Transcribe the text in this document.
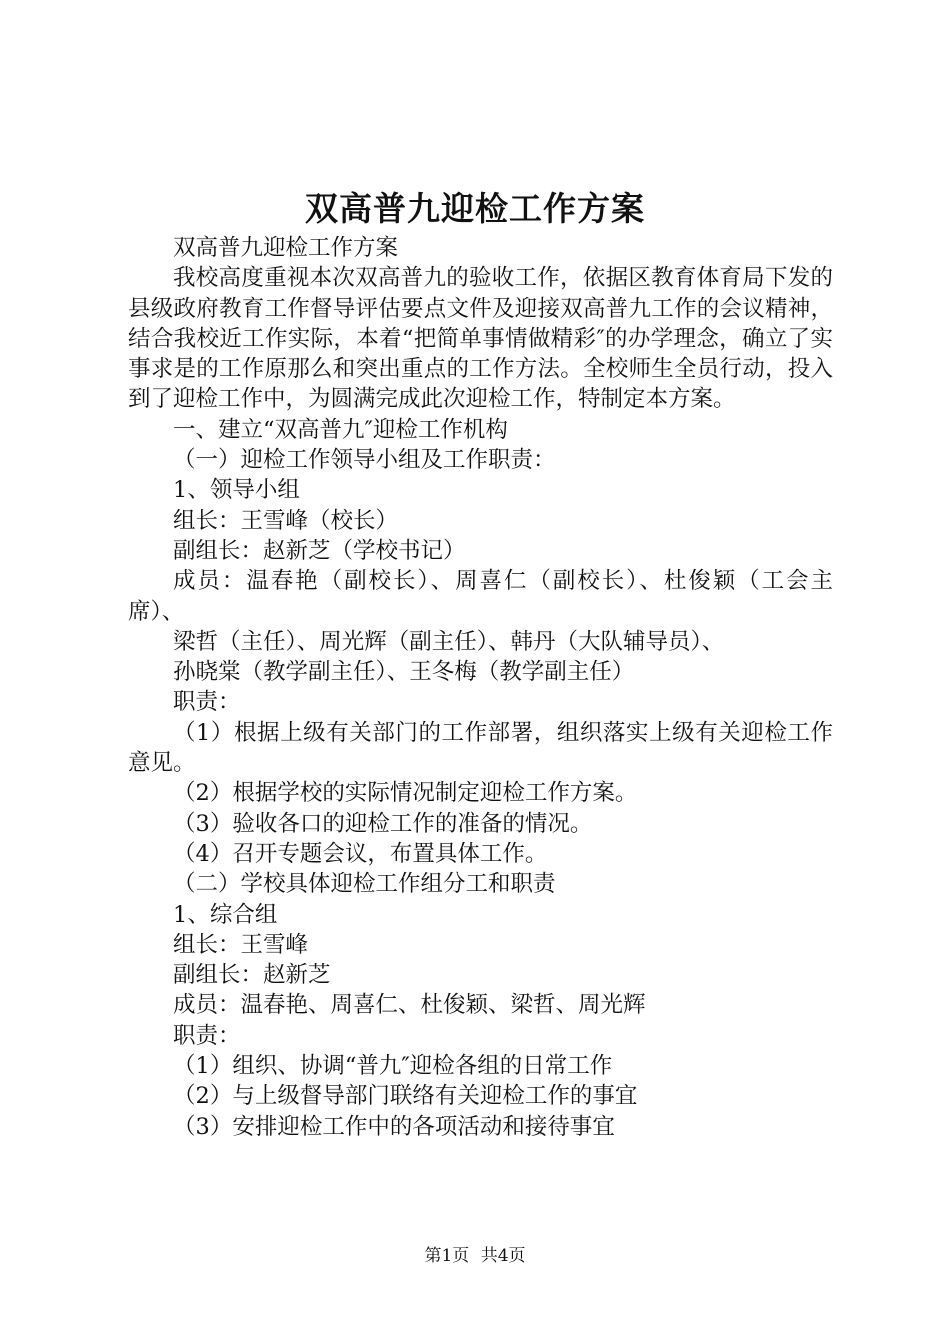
双高普九迎检工作方案

双高普九迎检工作方案

我校高度重视本次双高普九的验收工作，依据区教育体育局下发的县级政府教育工作督导评估要点文件及迎接双高普九工作的会议精神，结合我校近工作实际，本着“把简单事情做精彩″的办学理念，确立了实事求是的工作原那么和突出重点的工作方法。全校师生全员行动，投入到了迎检工作中，为圆满完成此次迎检工作，特制定本方案。

一、建立“双高普九″迎检工作机构

（一）迎检工作领导小组及工作职责：

1、领导小组

组长：王雪峰（校长）

副组长：赵新芝（学校书记）

成员：温春艳（副校长）、周喜仁（副校长）、杜俊颖（工会主席）、

梁哲（主任）、周光辉（副主任）、韩丹（大队辅导员）、

孙晓棠（教学副主任）、王冬梅（教学副主任）

职责：

（1）根据上级有关部门的工作部署，组织落实上级有关迎检工作意见。

（2）根据学校的实际情况制定迎检工作方案。

（3）验收各口的迎检工作的准备的情况。

（4）召开专题会议，布置具体工作。

（二）学校具体迎检工作组分工和职责

1、综合组

组长：王雪峰

副组长：赵新芝

成员：温春艳、周喜仁、杜俊颖、梁哲、周光辉

职责：

（1）组织、协调“普九″迎检各组的日常工作

（2）与上级督导部门联络有关迎检工作的事宜

（3）安排迎检工作中的各项活动和接待事宜

第1页 共4页
